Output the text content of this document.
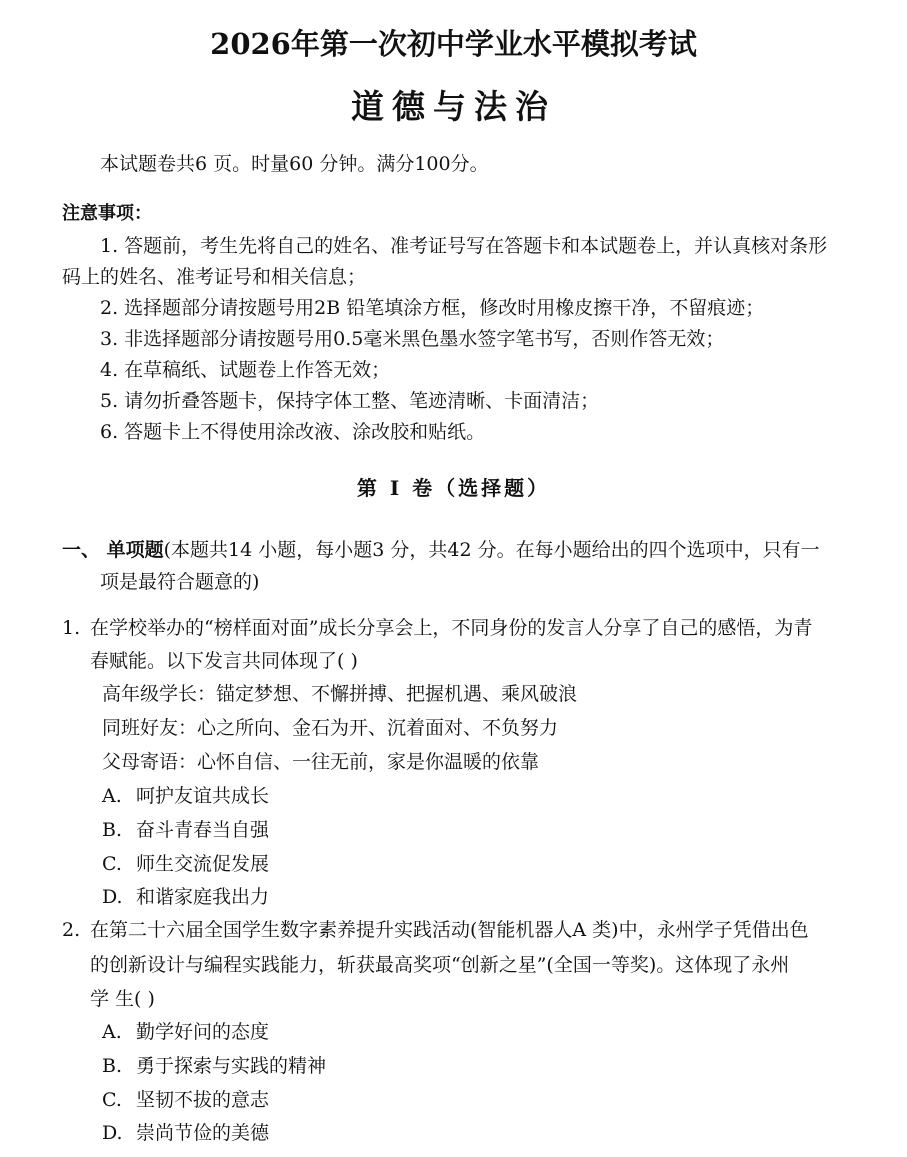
2026年第一次初中学业水平模拟考试
道德与法治
本试题卷共6 页。时量60 分钟。满分100分。
注意事项：
1. 答题前，考生先将自己的姓名、准考证号写在答题卡和本试题卷上，并认真核对条形
码上的姓名、准考证号和相关信息；
2. 选择题部分请按题号用2B 铅笔填涂方框，修改时用橡皮擦干净，不留痕迹；
3. 非选择题部分请按题号用0.5毫米黑色墨水签字笔书写，否则作答无效；
4. 在草稿纸、试题卷上作答无效；
5. 请勿折叠答题卡，保持字体工整、笔迹清晰、卡面清洁；
6. 答题卡上不得使用涂改液、涂改胶和贴纸。
第 Ⅰ 卷（选择题）
一、 单项题(本题共14 小题，每小题3 分，共42 分。在每小题给出的四个选项中，只有一
项是最符合题意的)
1. 在学校举办的“榜样面对面”成长分享会上，不同身份的发言人分享了自己的感悟，为青
春赋能。以下发言共同体现了( )
高年级学长：锚定梦想、不懈拼搏、把握机遇、乘风破浪
同班好友：心之所向、金石为开、沉着面对、不负努力
父母寄语：心怀自信、一往无前，家是你温暖的依靠
A. 呵护友谊共成长
B. 奋斗青春当自强
C. 师生交流促发展
D. 和谐家庭我出力
2. 在第二十六届全国学生数字素养提升实践活动(智能机器人A 类)中，永州学子凭借出色
的创新设计与编程实践能力，斩获最高奖项“创新之星”(全国一等奖)。这体现了永州
学 生( )
A. 勤学好问的态度
B. 勇于探索与实践的精神
C. 坚韧不拔的意志
D. 崇尚节俭的美德
